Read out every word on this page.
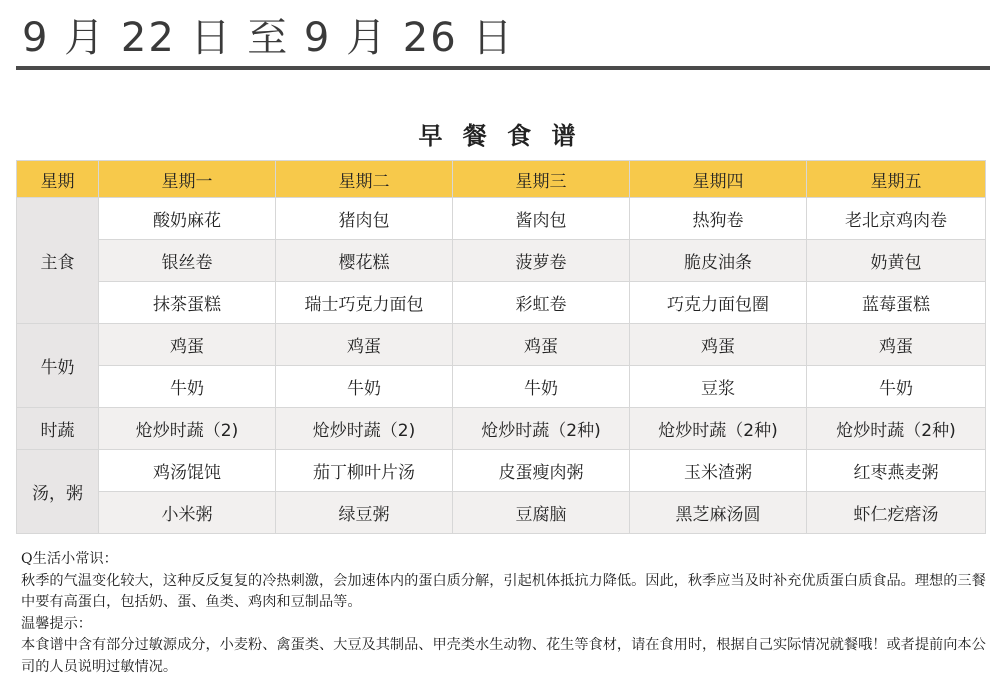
9 月 22 日 至 9 月 26 日
早 餐 食 谱
星期	星期一	星期二	星期三	星期四	星期五
主食	酸奶麻花	猪肉包	酱肉包	热狗卷	老北京鸡肉卷
	银丝卷	樱花糕	菠萝卷	脆皮油条	奶黄包
	抹茶蛋糕	瑞士巧克力面包	彩虹卷	巧克力面包圈	蓝莓蛋糕
牛奶	鸡蛋	鸡蛋	鸡蛋	鸡蛋	鸡蛋
	牛奶	牛奶	牛奶	豆浆	牛奶
时蔬	炝炒时蔬（2)	炝炒时蔬（2)	炝炒时蔬（2种)	炝炒时蔬（2种)	炝炒时蔬（2种)
汤，粥	鸡汤馄饨	茄丁柳叶片汤	皮蛋瘦肉粥	玉米渣粥	红枣燕麦粥
	小米粥	绿豆粥	豆腐脑	黑芝麻汤圆	虾仁疙瘩汤

Q生活小常识：

秋季的气温变化较大，这种反反复复的冷热刺激，会加速体内的蛋白质分解，引起机体抵抗力降低。因此，秋季应当及时补充优质蛋白质食品。理想的三餐中要有高蛋白，包括奶、蛋、鱼类、鸡肉和豆制品等。

温馨提示：

本食谱中含有部分过敏源成分，小麦粉、禽蛋类、大豆及其制品、甲壳类水生动物、花生等食材，请在食用时，根据自己实际情况就餐哦！或者提前向本公司的人员说明过敏情况。
